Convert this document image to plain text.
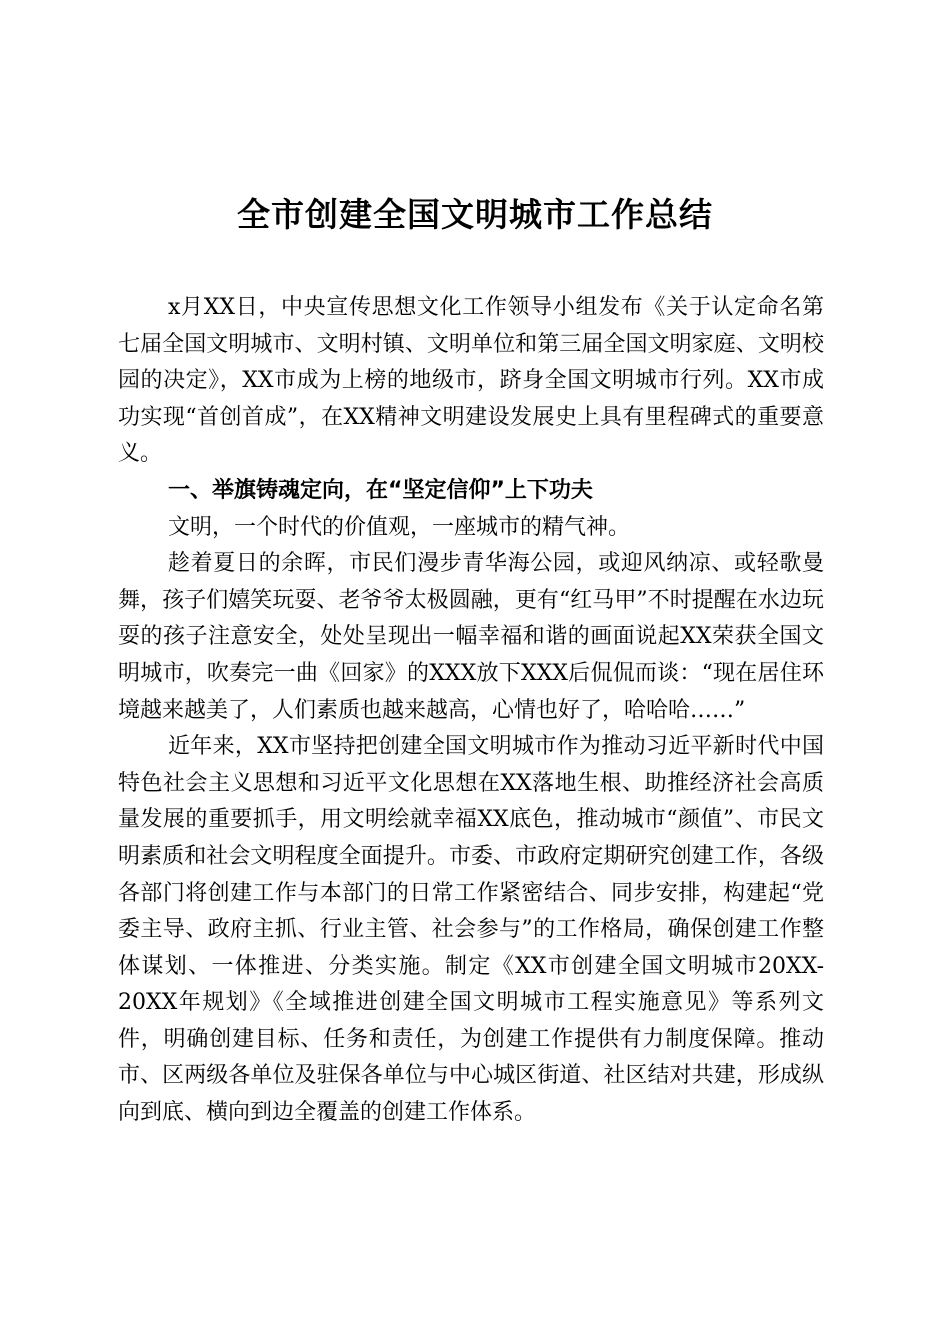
全市创建全国文明城市工作总结

x月XX日，中央宣传思想文化工作领导小组发布《关于认定命名第七届全国文明城市、文明村镇、文明单位和第三届全国文明家庭、文明校园的决定》，XX市成为上榜的地级市，跻身全国文明城市行列。XX市成功实现“首创首成”，在XX精神文明建设发展史上具有里程碑式的重要意义。

一、举旗铸魂定向，在“坚定信仰”上下功夫

文明，一个时代的价值观，一座城市的精气神。

趁着夏日的余晖，市民们漫步青华海公园，或迎风纳凉、或轻歌曼舞，孩子们嬉笑玩耍、老爷爷太极圆融，更有“红马甲”不时提醒在水边玩耍的孩子注意安全，处处呈现出一幅幸福和谐的画面说起XX荣获全国文明城市，吹奏完一曲《回家》的XXX放下XXX后侃侃而谈：“现在居住环境越来越美了，人们素质也越来越高，心情也好了，哈哈哈……”

近年来，XX市坚持把创建全国文明城市作为推动习近平新时代中国特色社会主义思想和习近平文化思想在XX落地生根、助推经济社会高质量发展的重要抓手，用文明绘就幸福XX底色，推动城市“颜值”、市民文明素质和社会文明程度全面提升。市委、市政府定期研究创建工作，各级各部门将创建工作与本部门的日常工作紧密结合、同步安排，构建起“党委主导、政府主抓、行业主管、社会参与”的工作格局，确保创建工作整体谋划、一体推进、分类实施。制定《XX市创建全国文明城市20XX-20XX年规划》《全域推进创建全国文明城市工程实施意见》等系列文件，明确创建目标、任务和责任，为创建工作提供有力制度保障。推动市、区两级各单位及驻保各单位与中心城区街道、社区结对共建，形成纵向到底、横向到边全覆盖的创建工作体系。
